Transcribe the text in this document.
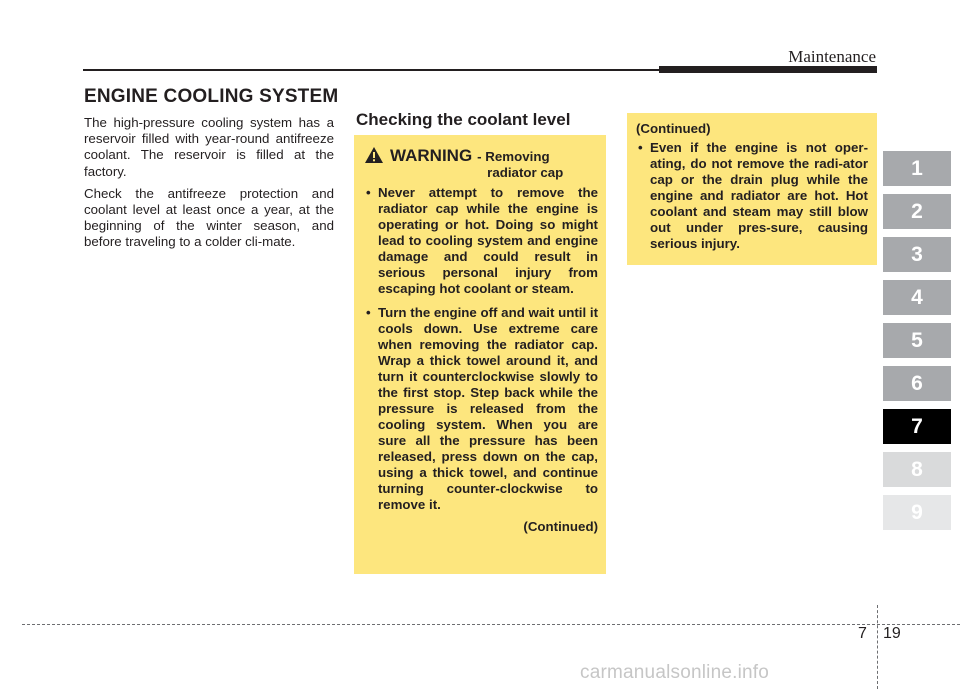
Maintenance
ENGINE COOLING SYSTEM

The high-pressure cooling system has a reservoir filled with year-round antifreeze coolant. The reservoir is filled at the factory.

Check the antifreeze protection and coolant level at least once a year, at the beginning of the winter season, and before traveling to a colder cli-mate.

Checking the coolant level
WARNING - Removing
radiator cap
• Never attempt to remove the radiator cap while the engine is operating or hot. Doing so might lead to cooling system and engine damage and could result in serious personal injury from escaping hot coolant or steam.
• Turn the engine off and wait until it cools down. Use extreme care when removing the radiator cap. Wrap a thick towel around it, and turn it counterclockwise slowly to the first stop. Step back while the pressure is released from the cooling system. When you are sure all the pressure has been released, press down on the cap, using a thick towel, and continue turning counter-clockwise to remove it.
(Continued)
(Continued)
• Even if the engine is not oper-ating, do not remove the radi-ator cap or the drain plug while the engine and radiator are hot. Hot coolant and steam may still blow out under pres-sure, causing serious injury.
1
2
3
4
5
6
7
8
9
7 19
carmanualsonline.info
